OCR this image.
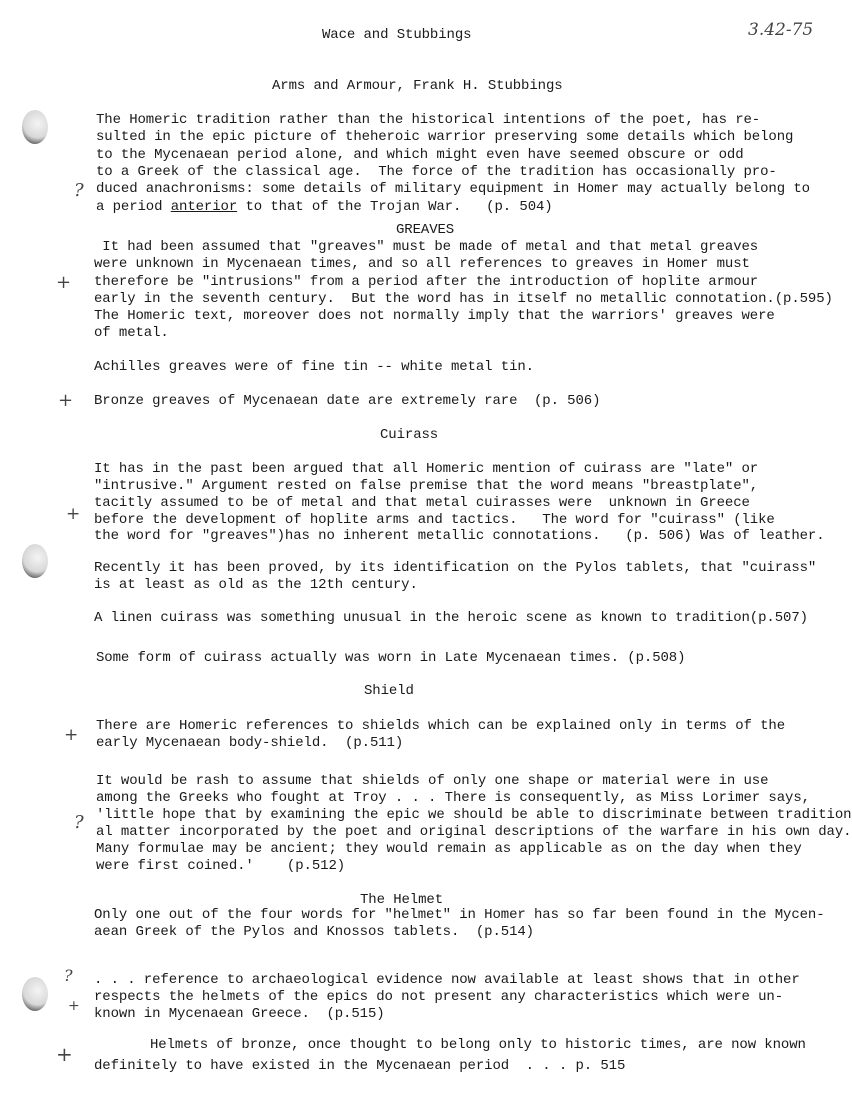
Wace and Stubbings	3.42-75
Arms and Armour, Frank H. Stubbings
The Homeric tradition rather than the historical intentions of the poet, has re-
sulted in the epic picture of theheroic warrior preserving some details which belong
to the Mycenaean period alone, and which might even have seemed obscure or odd
to a Greek of the classical age.  The force of the tradition has occasionally pro-
duced anachronisms: some details of military equipment in Homer may actually belong to
a period anterior to that of the Trojan War.   (p. 504)
?
GREAVES
It had been assumed that "greaves" must be made of metal and that metal greaves
were unknown in Mycenaean times, and so all references to greaves in Homer must
therefore be "intrusions" from a period after the introduction of hoplite armour
early in the seventh century.  But the word has in itself no metallic connotation.(p.595)
The Homeric text, moreover does not normally imply that the warriors' greaves were
of metal.
+
Achilles greaves were of fine tin -- white metal tin.
Bronze greaves of Mycenaean date are extremely rare  (p. 506)
+
Cuirass
It has in the past been argued that all Homeric mention of cuirass are "late" or
"intrusive." Argument rested on false premise that the word means "breastplate",
tacitly assumed to be of metal and that metal cuirasses were  unknown in Greece
before the development of hoplite arms and tactics.   The word for "cuirass" (like
the word for "greaves")has no inherent metallic connotations.   (p. 506) Was of leather.
+
Recently it has been proved, by its identification on the Pylos tablets, that "cuirass"
is at least as old as the 12th century.
A linen cuirass was something unusual in the heroic scene as known to tradition(p.507)
Some form of cuirass actually was worn in Late Mycenaean times. (p.508)
Shield
There are Homeric references to shields which can be explained only in terms of the
early Mycenaean body-shield.  (p.511)
+
It would be rash to assume that shields of only one shape or material were in use
among the Greeks who fought at Troy . . . There is consequently, as Miss Lorimer says,
'little hope that by examining the epic we should be able to discriminate between tradition
al matter incorporated by the poet and original descriptions of the warfare in his own day.
Many formulae may be ancient; they would remain as applicable as on the day when they
were first coined.'    (p.512)
?
The Helmet
Only one out of the four words for "helmet" in Homer has so far been found in the Mycen-
aean Greek of the Pylos and Knossos tablets.  (p.514)
. . . reference to archaeological evidence now available at least shows that in other
respects the helmets of the epics do not present any characteristics which were un-
known in Mycenaean Greece.  (p.515)
?
+
Helmets of bronze, once thought to belong only to historic times, are now known
definitely to have existed in the Mycenaean period  . . . p. 515
+
